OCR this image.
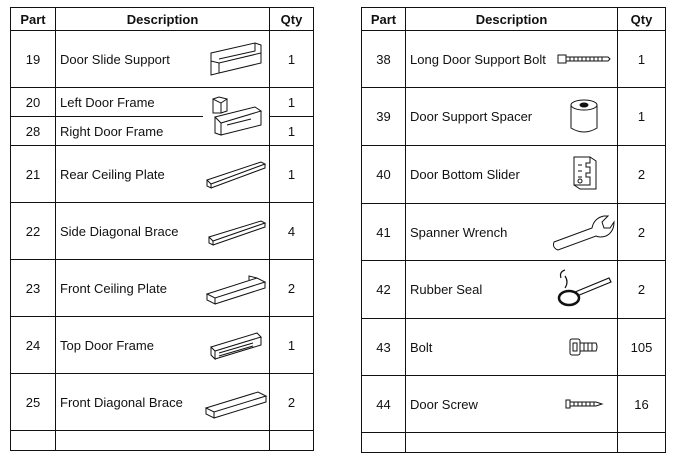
Part	Description		Qty
19	Door Slide Support		1
20	Left Door Frame		1
28	Right Door Frame		1
21	Rear Ceiling Plate		1
22	Side Diagonal Brace		4
23	Front Ceiling Plate		2
24	Top Door Frame		1
25	Front Diagonal Brace		2

Part	Description		Qty
38	Long Door Support Bolt		1
39	Door Support Spacer		1
40	Door Bottom Slider		2
41	Spanner Wrench		2
42	Rubber Seal		2
43	Bolt		105
44	Door Screw		16
